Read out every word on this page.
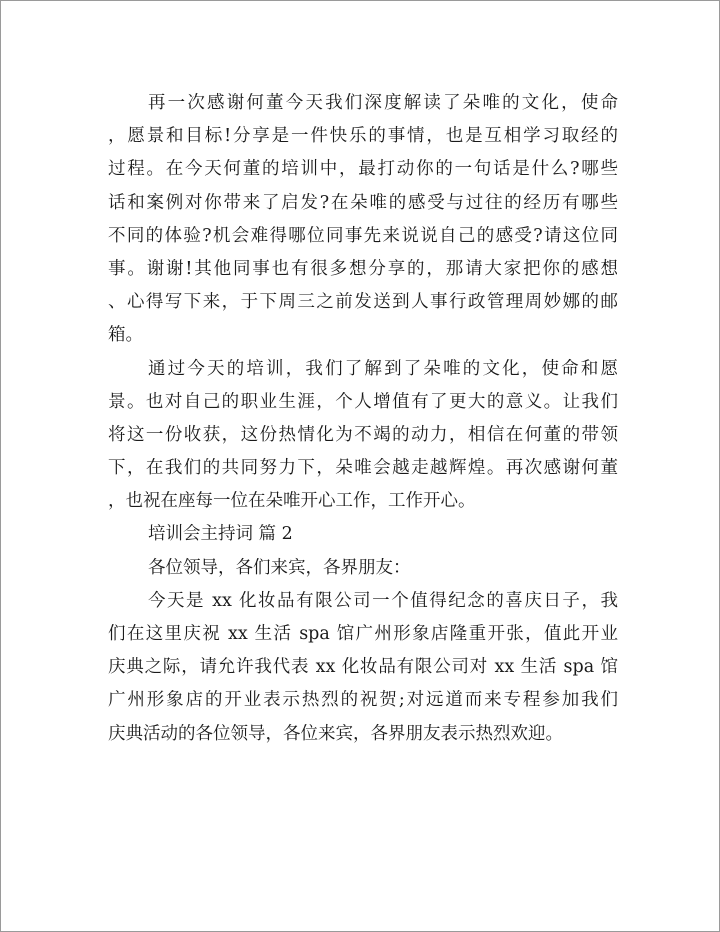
再一次感谢何董今天我们深度解读了朵唯的文化，使命
，愿景和目标!分享是一件快乐的事情，也是互相学习取经的
过程。在今天何董的培训中，最打动你的一句话是什么?哪些
话和案例对你带来了启发?在朵唯的感受与过往的经历有哪些
不同的体验?机会难得哪位同事先来说说自己的感受?请这位同
事。谢谢!其他同事也有很多想分享的，那请大家把你的感想
、心得写下来，于下周三之前发送到人事行政管理周妙娜的邮
箱。
通过今天的培训，我们了解到了朵唯的文化，使命和愿
景。也对自己的职业生涯，个人增值有了更大的意义。让我们
将这一份收获，这份热情化为不竭的动力，相信在何董的带领
下，在我们的共同努力下，朵唯会越走越辉煌。再次感谢何董
，也祝在座每一位在朵唯开心工作，工作开心。
培训会主持词 篇 2
各位领导，各们来宾，各界朋友：
今天是 xx 化妆品有限公司一个值得纪念的喜庆日子，我
们在这里庆祝 xx 生活 spa 馆广州形象店隆重开张，值此开业
庆典之际，请允许我代表 xx 化妆品有限公司对 xx 生活 spa 馆
广州形象店的开业表示热烈的祝贺;对远道而来专程参加我们
庆典活动的各位领导，各位来宾，各界朋友表示热烈欢迎。
